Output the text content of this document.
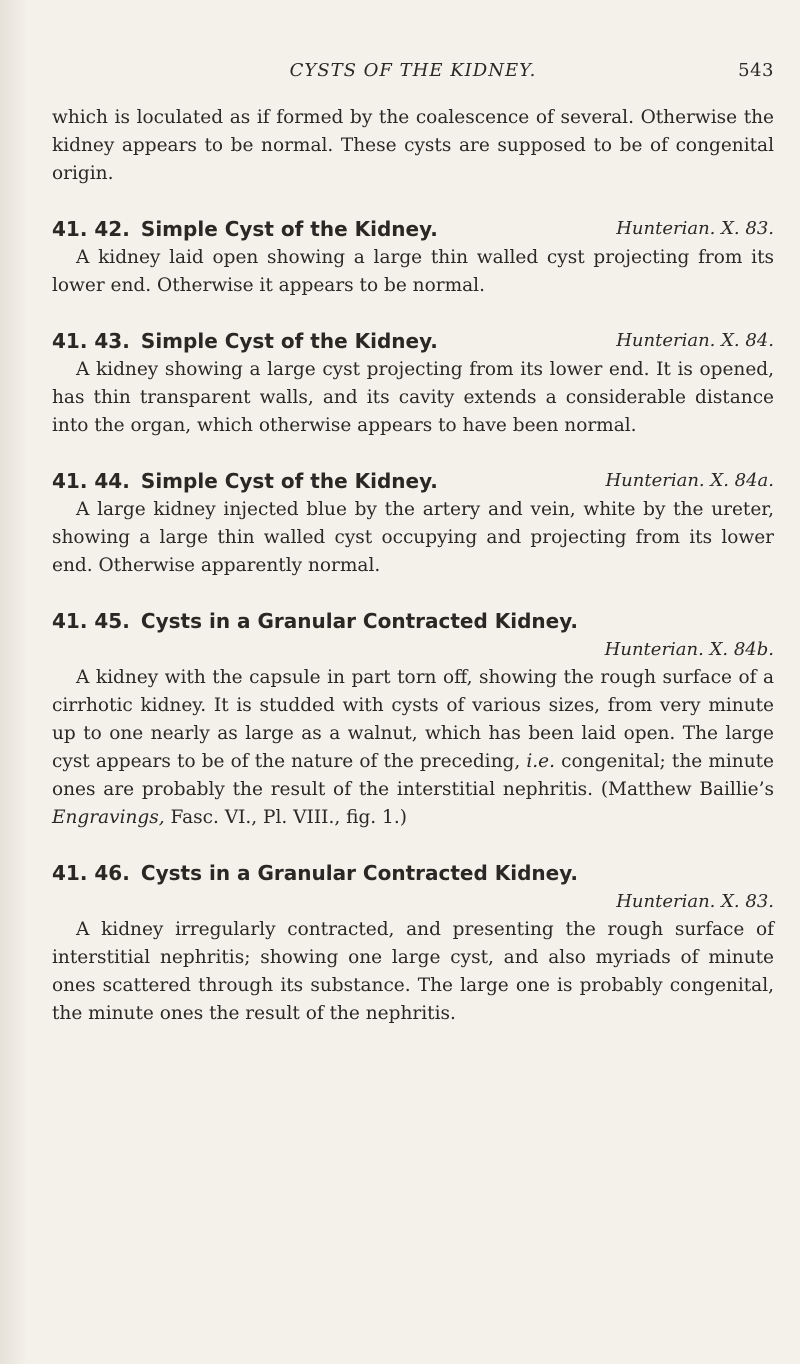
CYSTS OF THE KIDNEY.	543

which is loculated as if formed by the coalescence of several. Otherwise the kidney appears to be normal. These cysts are supposed to be of congenital origin.

41. 42. Simple Cyst of the Kidney.	Hunterian. X. 83.

A kidney laid open showing a large thin walled cyst projecting from its lower end. Otherwise it appears to be normal.

41. 43. Simple Cyst of the Kidney.	Hunterian. X. 84.

A kidney showing a large cyst projecting from its lower end. It is opened, has thin transparent walls, and its cavity extends a considerable distance into the organ, which otherwise appears to have been normal.

41. 44. Simple Cyst of the Kidney.	Hunterian. X. 84a.

A large kidney injected blue by the artery and vein, white by the ureter, showing a large thin walled cyst occupying and projecting from its lower end. Otherwise apparently normal.

41. 45. Cysts in a Granular Contracted Kidney.
Hunterian. X. 84b.

A kidney with the capsule in part torn off, showing the rough surface of a cirrhotic kidney. It is studded with cysts of various sizes, from very minute up to one nearly as large as a walnut, which has been laid open. The large cyst appears to be of the nature of the preceding, i.e. congenital; the minute ones are probably the result of the interstitial nephritis. (Matthew Baillie’s Engravings, Fasc. VI., Pl. VIII., fig. 1.)

41. 46. Cysts in a Granular Contracted Kidney.
Hunterian. X. 83.

A kidney irregularly contracted, and presenting the rough surface of interstitial nephritis; showing one large cyst, and also myriads of minute ones scattered through its substance. The large one is probably congenital, the minute ones the result of the nephritis.
